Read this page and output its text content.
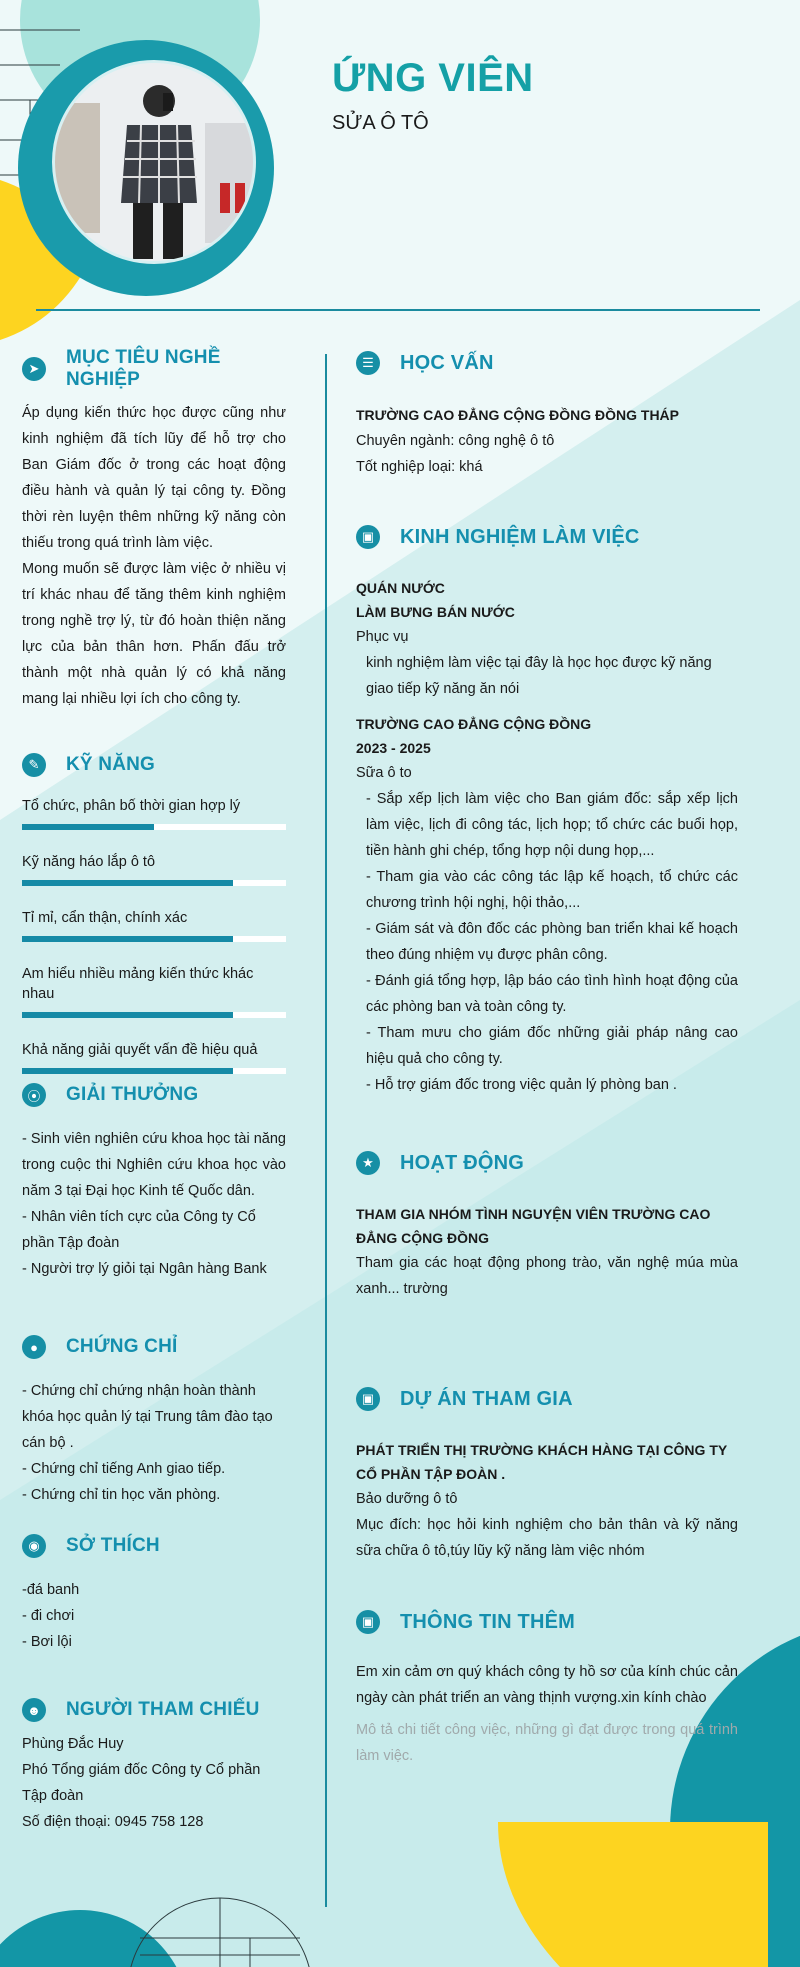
ỨNG VIÊN
SỬA Ô TÔ
➤
MỤC TIÊU NGHỀ NGHIỆP
Áp dụng kiến thức học được cũng như kinh nghiệm đã tích lũy để hỗ trợ cho Ban Giám đốc ở trong các hoạt động điều hành và quản lý tại công ty. Đồng thời rèn luyện thêm những kỹ năng còn thiếu trong quá trình làm việc.
Mong muốn sẽ được làm việc ở nhiều vị trí khác nhau để tăng thêm kinh nghiệm trong nghề trợ lý, từ đó hoàn thiện năng lực của bản thân hơn. Phấn đấu trở thành một nhà quản lý có khả năng mang lại nhiều lợi ích cho công ty.
✎	KỸ NĂNG
Tổ chức, phân bố thời gian hợp lý
Kỹ năng háo lắp ô tô
Tỉ mỉ, cẩn thận, chính xác
Am hiểu nhiều mảng kiến thức khác nhau
Khả năng giải quyết vấn đề hiệu quả
⦿ GIẢI THƯỞNG
- Sinh viên nghiên cứu khoa học tài năng trong cuộc thi Nghiên cứu khoa học vào năm 3 tại Đại học Kinh tế Quốc dân.
- Nhân viên tích cực của Công ty Cổ phần Tập đoàn
- Người trợ lý giỏi tại Ngân hàng Bank
●	CHỨNG CHỈ
- Chứng chỉ chứng nhận hoàn thành khóa học quản lý tại Trung tâm đào tạo cán bộ .
- Chứng chỉ tiếng Anh giao tiếp.
- Chứng chỉ tin học văn phòng.
◉	SỞ THÍCH
-đá banh
- đi chơi
- Bơi lội
☻ NGƯỜI THAM CHIẾU
Phùng Đắc Huy
Phó Tổng giám đốc Công ty Cổ phần Tập đoàn
Số điện thoại: 0945 758 128
☰	HỌC VẤN
TRƯỜNG CAO ĐẲNG CỘNG ĐỒNG ĐỒNG THÁP
Chuyên ngành: công nghệ ô tô
Tốt nghiệp loại: khá
▣ KINH NGHIỆM LÀM VIỆC
QUÁN NƯỚC
LÀM BƯNG BÁN NƯỚC
Phục vụ
kinh nghiệm làm việc tại đây là học học được kỹ năng giao tiếp kỹ năng ăn nói
TRƯỜNG CAO ĐẲNG CỘNG ĐỒNG
2023 - 2025
Sữa ô to
- Sắp xếp lịch làm việc cho Ban giám đốc: sắp xếp lịch làm việc, lịch đi công tác, lịch họp; tổ chức các buổi họp, tiền hành ghi chép, tổng hợp nội dung họp,...
- Tham gia vào các công tác lập kế hoạch, tổ chức các chương trình hội nghị, hội thảo,...
- Giám sát và đôn đốc các phòng ban triển khai kế hoạch theo đúng nhiệm vụ được phân công.
- Đánh giá tổng hợp, lập báo cáo tình hình hoạt động của các phòng ban và toàn công ty.
- Tham mưu cho giám đốc những giải pháp nâng cao hiệu quả cho công ty.
- Hỗ trợ giám đốc trong việc quản lý phòng ban .
★	HOẠT ĐỘNG
THAM GIA NHÓM TÌNH NGUYỆN VIÊN TRƯỜNG CAO ĐẲNG CỘNG ĐỒNG
Tham gia các hoạt động phong trào, văn nghệ múa mùa xanh... trường
▣ DỰ ÁN THAM GIA
PHÁT TRIỂN THỊ TRƯỜNG KHÁCH HÀNG TẠI CÔNG TY CỔ PHẦN TẬP ĐOÀN .
Bảo dưỡng ô tô
Mục đích: học hỏi kinh nghiệm cho bản thân và kỹ năng sữa chữa ô tô,túy lũy kỹ năng làm việc nhóm
▣ THÔNG TIN THÊM
Em xin cảm ơn quý khách công ty hồ sơ của kính chúc cản ngày càn phát triển an vàng thịnh vượng.xin kính chào
Mô tả chi tiết công việc, những gì đạt được trong quá trình làm việc.
